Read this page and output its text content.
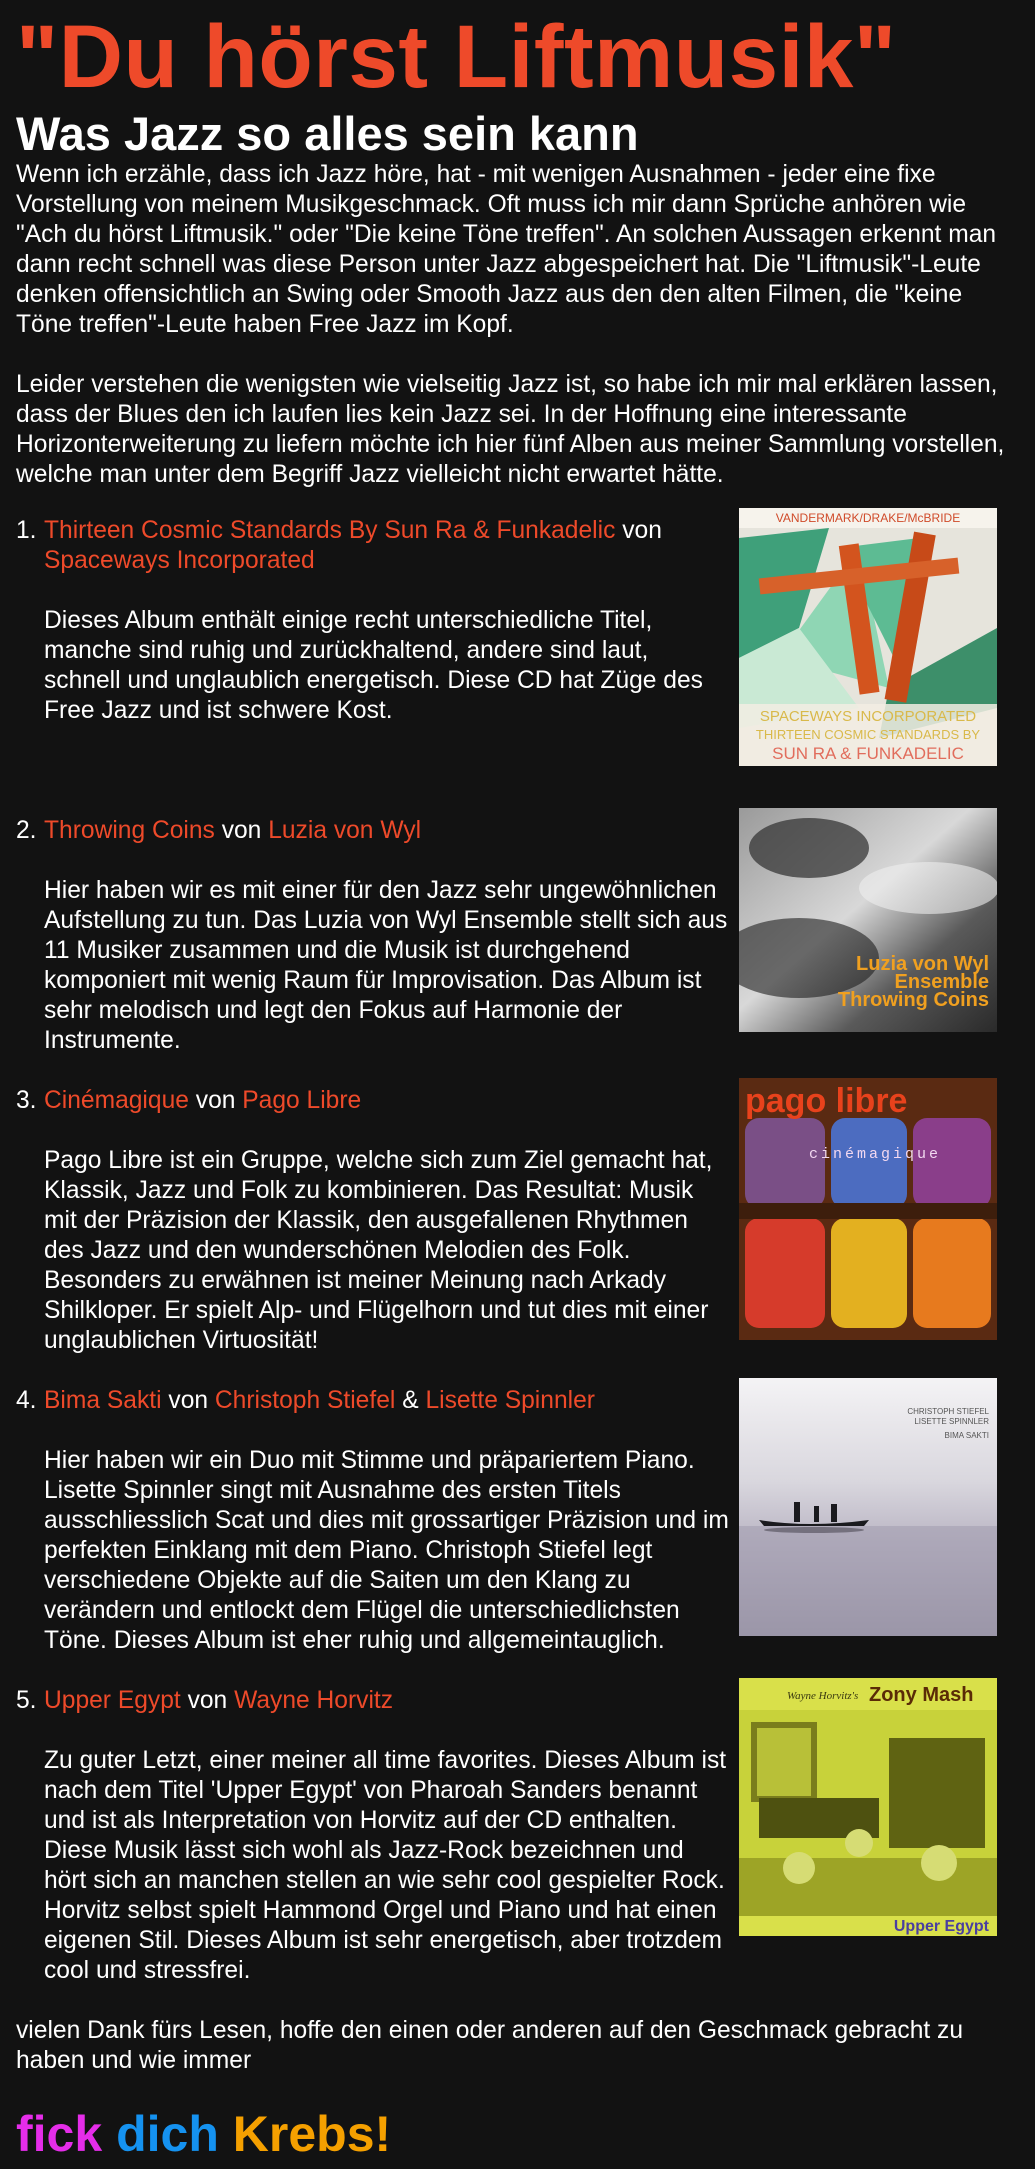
"Du hörst Liftmusik"
Was Jazz so alles sein kann

Wenn ich erzähle, dass ich Jazz höre, hat - mit wenigen Ausnahmen - jeder eine fixe Vorstellung von meinem Musikgeschmack. Oft muss ich mir dann Sprüche anhören wie "Ach du hörst Liftmusik." oder "Die keine Töne treffen". An solchen Aussagen erkennt man dann recht schnell was diese Person unter Jazz abgespeichert hat. Die "Liftmusik"-Leute denken offensichtlich an Swing oder Smooth Jazz aus den den alten Filmen, die "keine Töne treffen"-Leute haben Free Jazz im Kopf.

Leider verstehen die wenigsten wie vielseitig Jazz ist, so habe ich mir mal erklären lassen, dass der Blues den ich laufen lies kein Jazz sei. In der Hoffnung eine interessante Horizonterweiterung zu liefern möchte ich hier fünf Alben aus meiner Sammlung vorstellen, welche man unter dem Begriff Jazz vielleicht nicht erwartet hätte.

1. Thirteen Cosmic Standards By Sun Ra & Funkadelic von Spaceways Incorporated

Dieses Album enthält einige recht unterschiedliche Titel, manche sind ruhig und zurückhaltend, andere sind laut, schnell und unglaublich energetisch. Diese CD hat Züge des Free Jazz und ist schwere Kost.

VANDERMARK/DRAKE/McBRIDE
SPACEWAYS INCORPORATED
THIRTEEN COSMIC STANDARDS BY
SUN RA & FUNKADELIC
2. Throwing Coins von Luzia von Wyl

Hier haben wir es mit einer für den Jazz sehr ungewöhnlichen Aufstellung zu tun. Das Luzia von Wyl Ensemble stellt sich aus 11 Musiker zusammen und die Musik ist durchgehend komponiert mit wenig Raum für Improvisation. Das Album ist sehr melodisch und legt den Fokus auf Harmonie der Instrumente.

Luzia von Wyl
Ensemble
Throwing Coins
3. Cinémagique von Pago Libre

Pago Libre ist ein Gruppe, welche sich zum Ziel gemacht hat, Klassik, Jazz und Folk zu kombinieren. Das Resultat: Musik mit der Präzision der Klassik, den ausgefallenen Rhythmen des Jazz und den wunderschönen Melodien des Folk. Besonders zu erwähnen ist meiner Meinung nach Arkady Shilkloper. Er spielt Alp- und Flügelhorn und tut dies mit einer unglaublichen Virtuosität!

pago libre
cinémagique
4. Bima Sakti von Christoph Stiefel & Lisette Spinnler

Hier haben wir ein Duo mit Stimme und präpariertem Piano. Lisette Spinnler singt mit Ausnahme des ersten Titels ausschliesslich Scat und dies mit grossartiger Präzision und im perfekten Einklang mit dem Piano. Christoph Stiefel legt verschiedene Objekte auf die Saiten um den Klang zu verändern und entlockt dem Flügel die unterschiedlichsten Töne. Dieses Album ist eher ruhig und allgemeintauglich.

CHRISTOPH STIEFEL
LISETTE SPINNLER
BIMA SAKTI
5. Upper Egypt von Wayne Horvitz

Zu guter Letzt, einer meiner all time favorites. Dieses Album ist nach dem Titel 'Upper Egypt' von Pharoah Sanders benannt und ist als Interpretation von Horvitz auf der CD enthalten. Diese Musik lässt sich wohl als Jazz-Rock bezeichnen und hört sich an manchen stellen an wie sehr cool gespielter Rock. Horvitz selbst spielt Hammond Orgel und Piano und hat einen eigenen Stil. Dieses Album ist sehr energetisch, aber trotzdem cool und stressfrei.

Wayne Horvitz's Zony Mash
Upper Egypt

vielen Dank fürs Lesen, hoffe den einen oder anderen auf den Geschmack gebracht zu haben und wie immer

fick dich Krebs!
